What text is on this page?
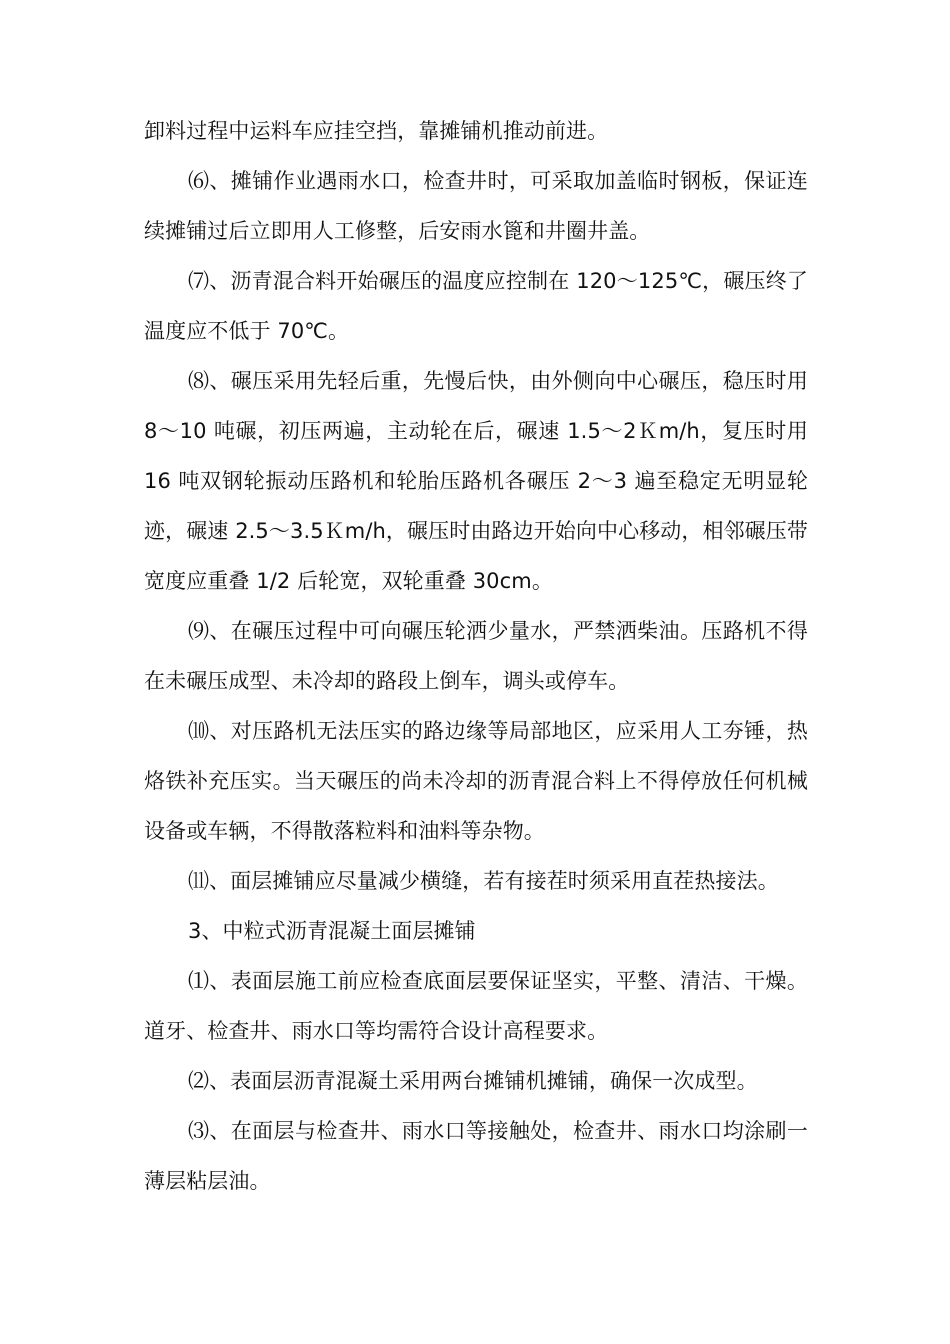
卸料过程中运料车应挂空挡，靠摊铺机推动前进。

⑹、摊铺作业遇雨水口，检查井时，可采取加盖临时钢板，保证连续摊铺过后立即用人工修整，后安雨水篦和井圈井盖。

⑺、沥青混合料开始碾压的温度应控制在 120～125℃，碾压终了温度应不低于 70℃。

⑻、碾压采用先轻后重，先慢后快，由外侧向中心碾压，稳压时用 8～10 吨碾，初压两遍，主动轮在后，碾速 1.5～2Ｋm/h，复压时用 16 吨双钢轮振动压路机和轮胎压路机各碾压 2～3 遍至稳定无明显轮迹，碾速 2.5～3.5Ｋm/h，碾压时由路边开始向中心移动，相邻碾压带宽度应重叠 1/2 后轮宽，双轮重叠 30cm。

⑼、在碾压过程中可向碾压轮洒少量水，严禁洒柴油。压路机不得在未碾压成型、未冷却的路段上倒车，调头或停车。

⑽、对压路机无法压实的路边缘等局部地区，应采用人工夯锤，热烙铁补充压实。当天碾压的尚未冷却的沥青混合料上不得停放任何机械设备或车辆，不得散落粒料和油料等杂物。

⑾、面层摊铺应尽量减少横缝，若有接茬时须采用直茬热接法。

3、中粒式沥青混凝土面层摊铺

⑴、表面层施工前应检查底面层要保证坚实，平整、清洁、干燥。道牙、检查井、雨水口等均需符合设计高程要求。

⑵、表面层沥青混凝土采用两台摊铺机摊铺，确保一次成型。

⑶、在面层与检查井、雨水口等接触处，检查井、雨水口均涂刷一薄层粘层油。
